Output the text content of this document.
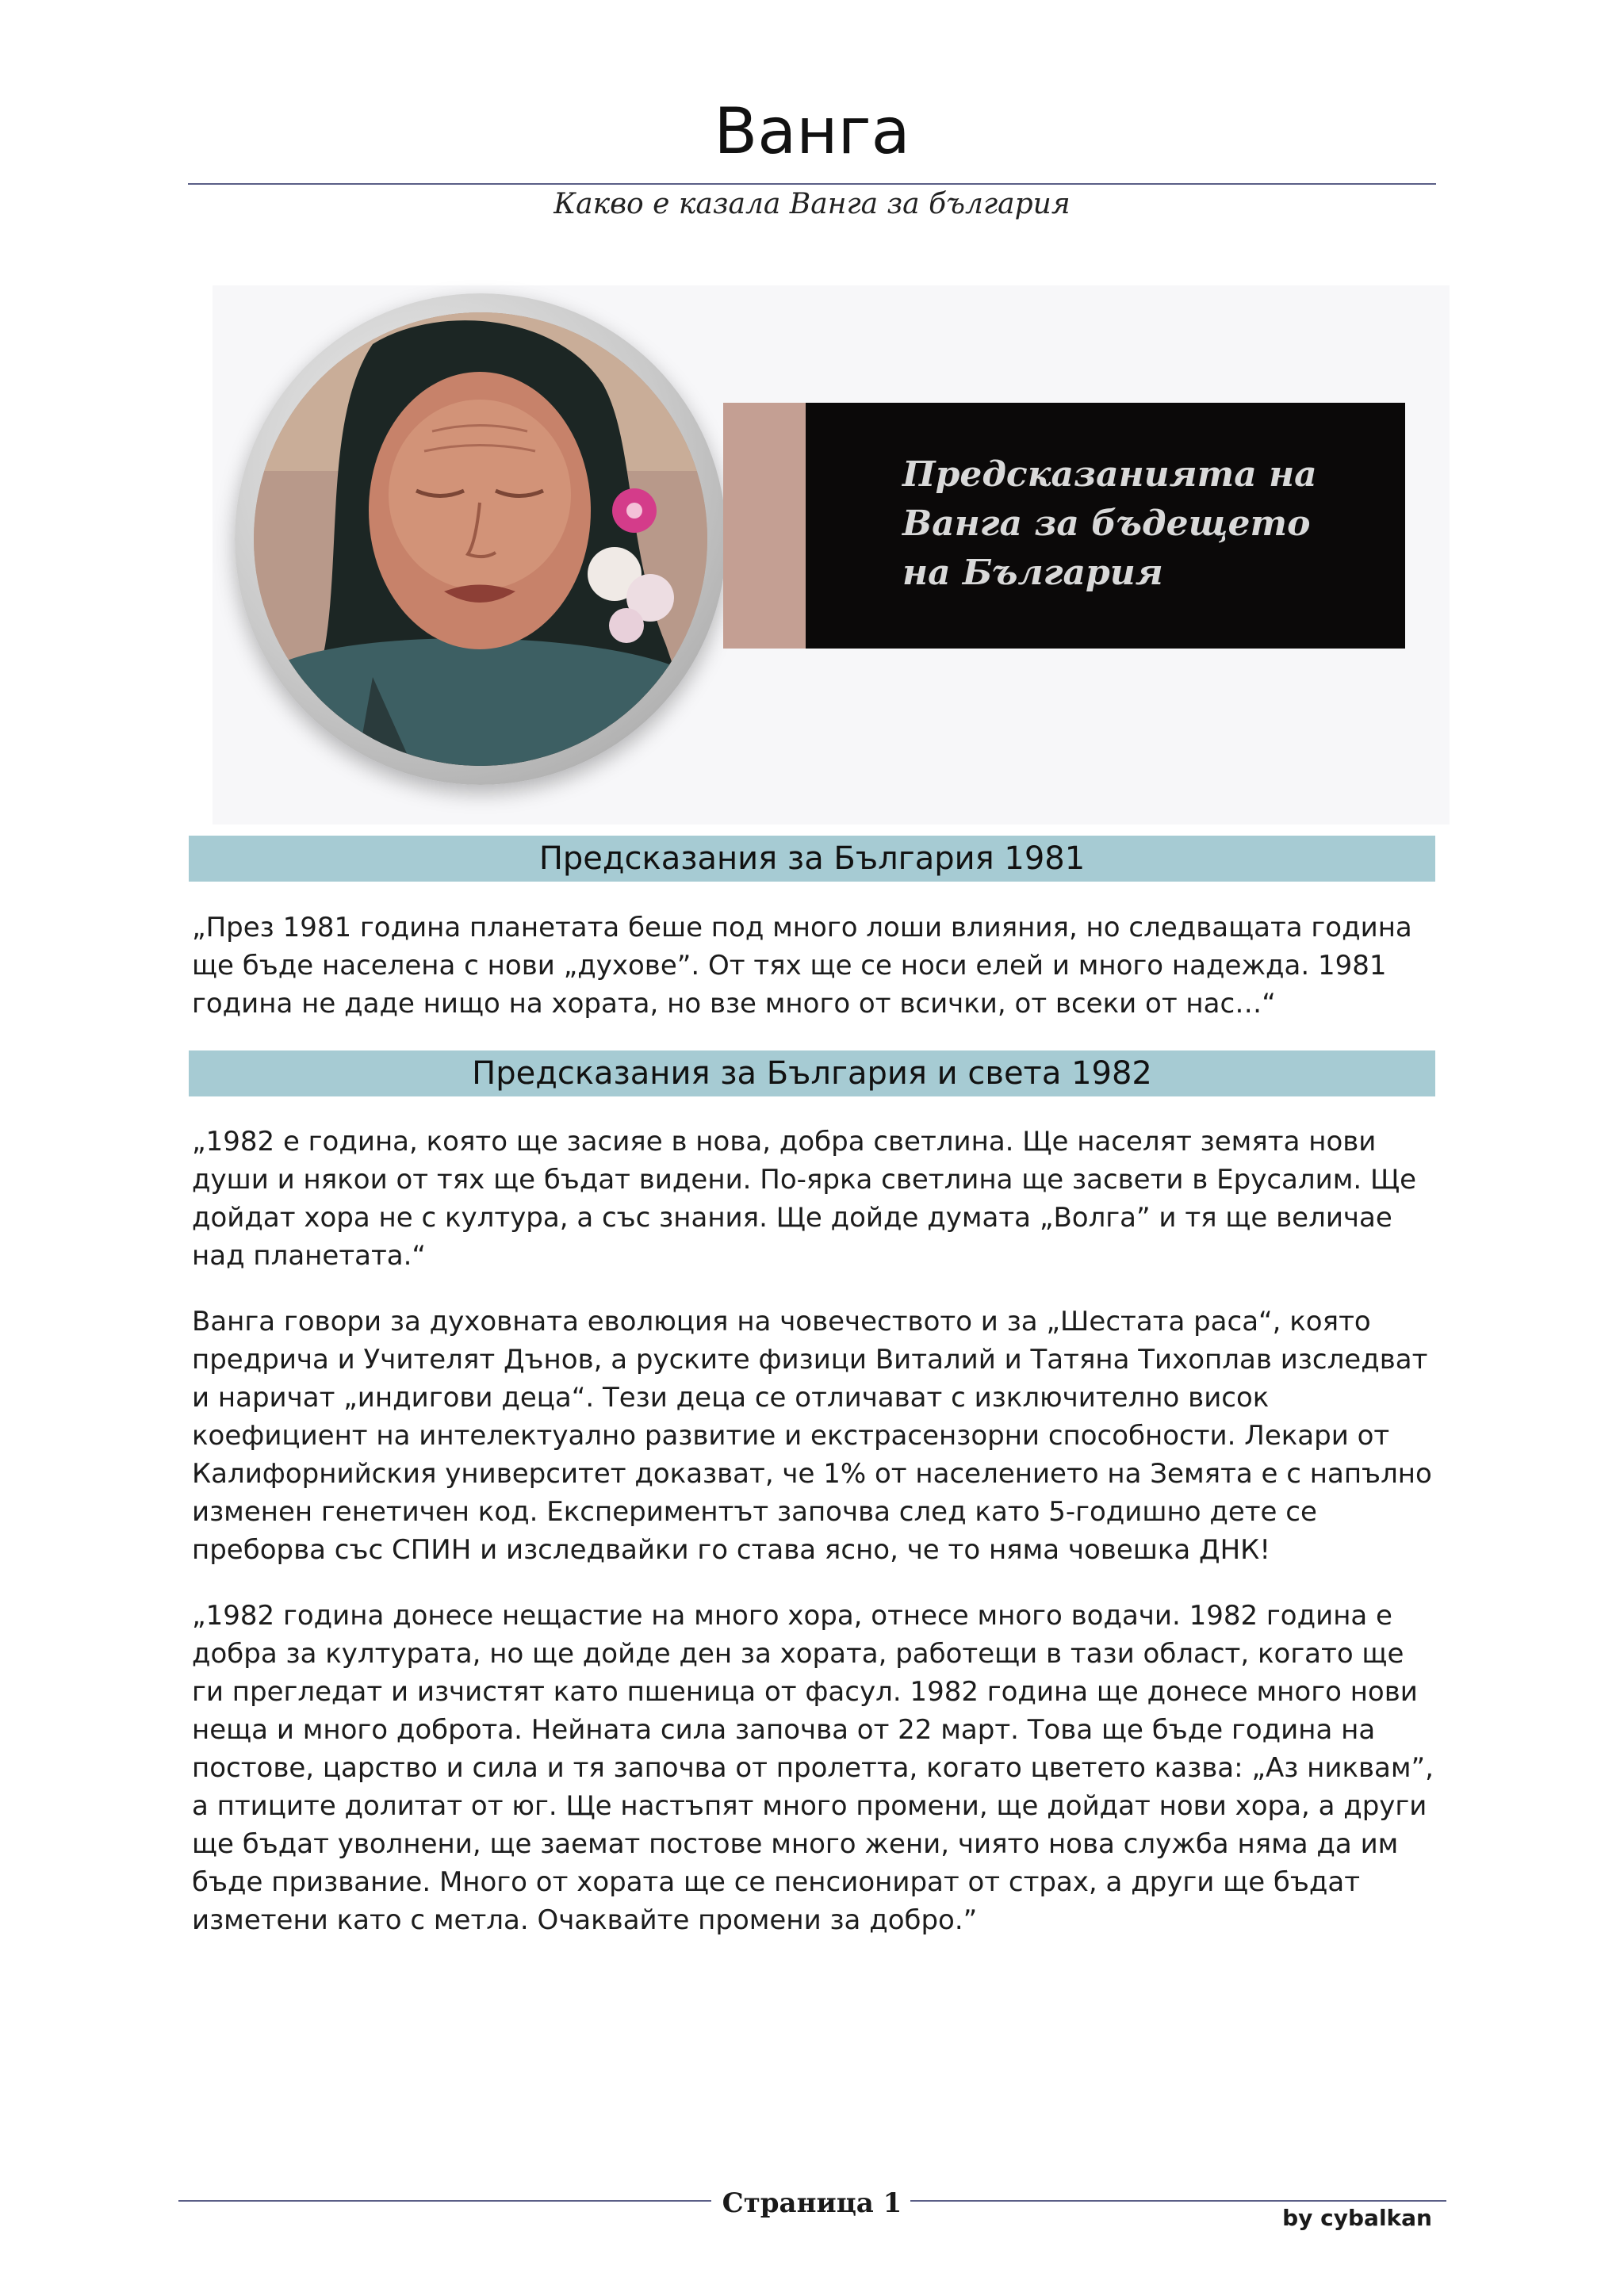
Ванга
Какво е казала Ванга за българия
Предсказанията на
Ванга за бъдещето
на България
Предсказания за България 1981

„През 1981 година планетата беше под много лоши влияния, но следващата година ще бъде населена с нови „духове”. От тях ще се носи елей и много надежда. 1981 година не даде нищо на хората, но взе много от всички, от всеки от нас…“

Предсказания за България и света 1982

„1982 е година, която ще засияе в нова, добра светлина. Ще населят земята нови души и някои от тях ще бъдат видени. По-ярка светлина ще засвети в Ерусалим. Ще дойдат хора не с култура, а със знания. Ще дойде думата „Волга” и тя ще величае над планетата.“

Ванга говори за духовната еволюция на човечеството и за „Шестата раса“, която предрича и Учителят Дънов, а руските физици Виталий и Татяна Тихоплав изследват и наричат „индигови деца“. Тези деца се отличават с изключително висок коефициент на интелектуално развитие и екстрасензорни способности. Лекари от Калифорнийския университет доказват, че 1% от населението на Земята е с напълно изменен генетичен код. Експериментът започва след като 5-годишно дете се преборва със СПИН и изследвайки го става ясно, че то няма човешка ДНК!

„1982 година донесе нещастие на много хора, отнесе много водачи. 1982 година е добра за културата, но ще дойде ден за хората, работещи в тази област, когато ще ги прегледат и изчистят като пшеница от фасул. 1982 година ще донесе много нови неща и много доброта. Нейната сила започва от 22 март. Това ще бъде година на постове, царство и сила и тя започва от пролетта, когато цветето казва: „Аз никвам”, а птиците долитат от юг. Ще настъпят много промени, ще дойдат нови хора, а други ще бъдат уволнени, ще заемат постове много жени, чиято нова служба няма да им бъде призвание. Много от хората ще се пенсионират от страх, а други ще бъдат изметени като с метла. Очаквайте промени за добро.”

Страница 1	by cybalkan
